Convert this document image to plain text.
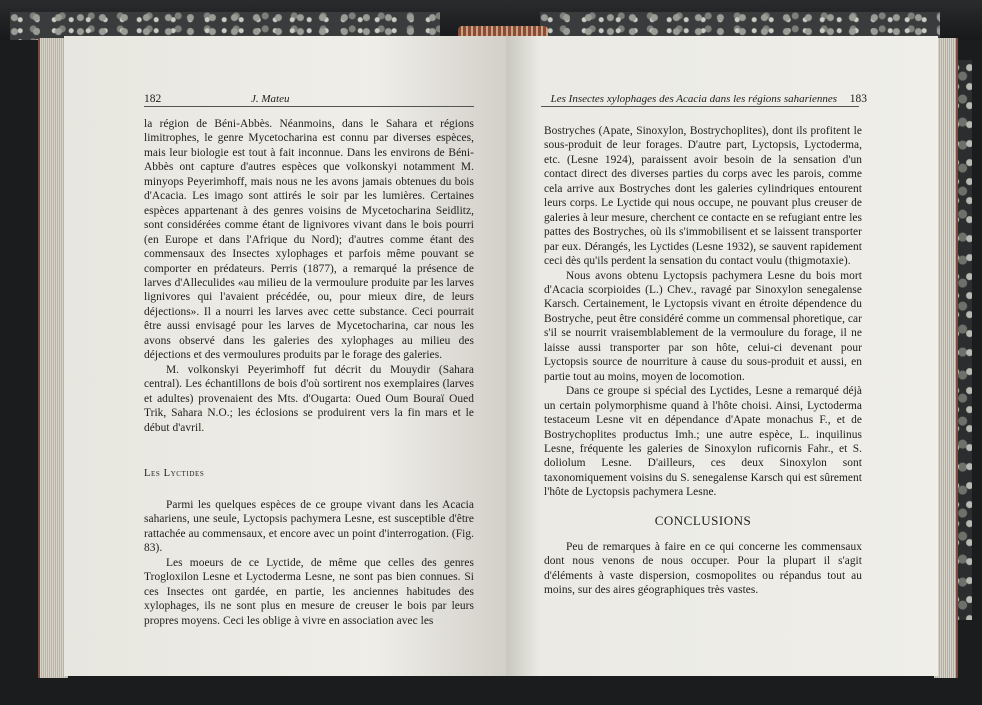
182	J. Mateu

la région de Béni-Abbès. Néanmoins, dans le Sahara et régions limitrophes, le genre Mycetocharina est connu par diverses espèces, mais leur biologie est tout à fait inconnue. Dans les environs de Béni-Abbès ont capture d'autres espèces que volkonskyi notamment M. minyops Peyerimhoff, mais nous ne les avons jamais obtenues du bois d'Acacia. Les imago sont attirés le soir par les lumières. Certaines espèces appartenant à des genres voisins de Mycetocharina Seidlitz, sont considérées comme étant de lignivores vivant dans le bois pourri (en Europe et dans l'Afrique du Nord); d'autres comme étant des commensaux des Insectes xylophages et parfois même pouvant se comporter en prédateurs. Perris (1877), a remarqué la présence de larves d'Alleculides «au milieu de la vermoulure produite par les larves lignivores qui l'avaient précédée, ou, pour mieux dire, de leurs déjections». Il a nourri les larves avec cette substance. Ceci pourrait être aussi envisagé pour les larves de Mycetocharina, car nous les avons observé dans les galeries des xylophages au milieu des déjections et des vermoulures produits par le forage des galeries.

M. volkonskyi Peyerimhoff fut décrit du Mouydir (Sahara central). Les échantillons de bois d'où sortirent nos exemplaires (larves et adultes) provenaient des Mts. d'Ougarta: Oued Oum Bouraï Oued Trik, Sahara N.O.; les éclosions se produirent vers la fin mars et le début d'avril.

Les Lyctides

Parmi les quelques espèces de ce groupe vivant dans les Acacia sahariens, une seule, Lyctopsis pachymera Lesne, est susceptible d'être rattachée au commensaux, et encore avec un point d'interrogation. (Fig. 83).

Les moeurs de ce Lyctide, de même que celles des genres Trogloxilon Lesne et Lyctoderma Lesne, ne sont pas bien connues. Si ces Insectes ont gardée, en partie, les anciennes habitudes des xylophages, ils ne sont plus en mesure de creuser le bois par leurs propres moyens. Ceci les oblige à vivre en association avec les

Les Insectes xylophages des Acacia dans les régions sahariennes 183

Bostryches (Apate, Sinoxylon, Bostrychoplites), dont ils profitent le sous-produit de leur forages. D'autre part, Lyctopsis, Lyctoderma, etc. (Lesne 1924), paraissent avoir besoin de la sensation d'un contact direct des diverses parties du corps avec les parois, comme cela arrive aux Bostryches dont les galeries cylindriques entourent leurs corps. Le Lyctide qui nous occupe, ne pouvant plus creuser de galeries à leur mesure, cherchent ce contacte en se refugiant entre les pattes des Bostryches, où ils s'immobilisent et se laissent transporter par eux. Dérangés, les Lyctides (Lesne 1932), se sauvent rapidement ceci dès qu'ils perdent la sensation du contact voulu (thigmotaxie).

Nous avons obtenu Lyctopsis pachymera Lesne du bois mort d'Acacia scorpioides (L.) Chev., ravagé par Sinoxylon senegalense Karsch. Certainement, le Lyctopsis vivant en étroite dépendence du Bostryche, peut être considéré comme un commensal phoretique, car s'il se nourrit vraisemblablement de la vermoulure du forage, il ne laisse aussi transporter par son hôte, celui-ci devenant pour Lyctopsis source de nourriture à cause du sous-produit et aussi, en partie tout au moins, moyen de locomotion.

Dans ce groupe si spécial des Lyctides, Lesne a remarqué déjà un certain polymorphisme quand à l'hôte choisi. Ainsi, Lyctoderma testaceum Lesne vit en dépendance d'Apate monachus F., et de Bostrychoplites productus Imh.; une autre espèce, L. inquilinus Lesne, fréquente les galeries de Sinoxylon ruficornis Fahr., et S. doliolum Lesne. D'ailleurs, ces deux Sinoxylon sont taxonomiquement voisins du S. senegalense Karsch qui est sûrement l'hôte de Lyctopsis pachymera Lesne.

CONCLUSIONS

Peu de remarques à faire en ce qui concerne les commensaux dont nous venons de nous occuper. Pour la plupart il s'agit d'éléments à vaste dispersion, cosmopolites ou répandus tout au moins, sur des aires géographiques très vastes.
